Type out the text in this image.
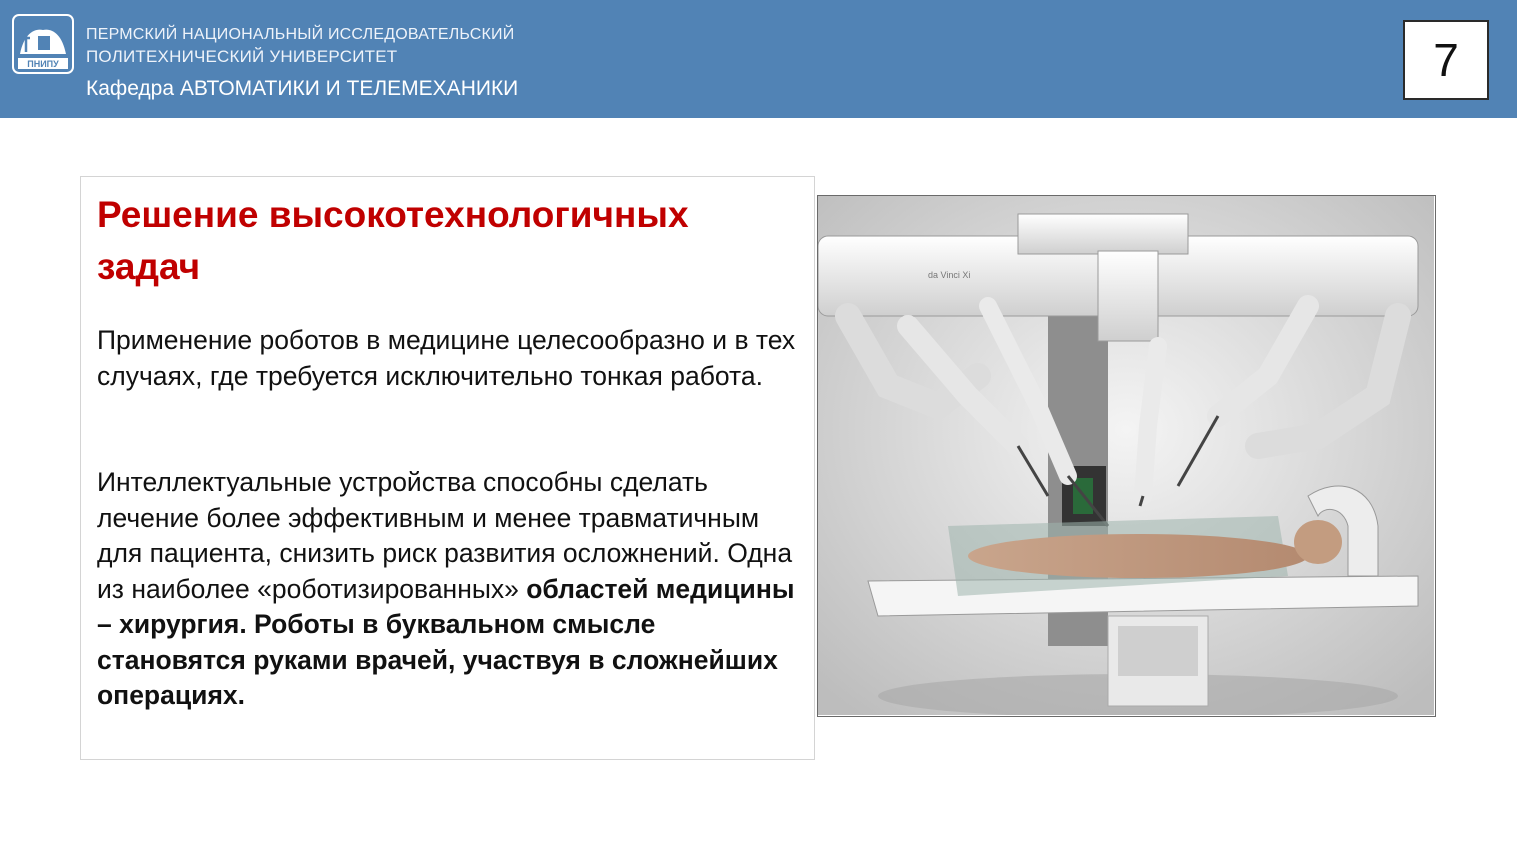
ПНИПУ
ПЕРМСКИЙ НАЦИОНАЛЬНЫЙ ИССЛЕДОВАТЕЛЬСКИЙ
ПОЛИТЕХНИЧЕСКИЙ УНИВЕРСИТЕТ
Кафедра АВТОМАТИКИ И ТЕЛЕМЕХАНИКИ
7
Решение высокотехнологичных задач
Применение роботов в медицине целесообразно и в тех случаях, где требуется исключительно тонкая работа.
Интеллектуальные устройства способны сделать лечение более эффективным и менее травматичным для пациента, снизить риск развития осложнений. Одна из наиболее «роботизированных» областей медицины – хирургия. Роботы в буквальном смысле становятся руками врачей, участвуя в сложнейших операциях.
da Vinci Xi
